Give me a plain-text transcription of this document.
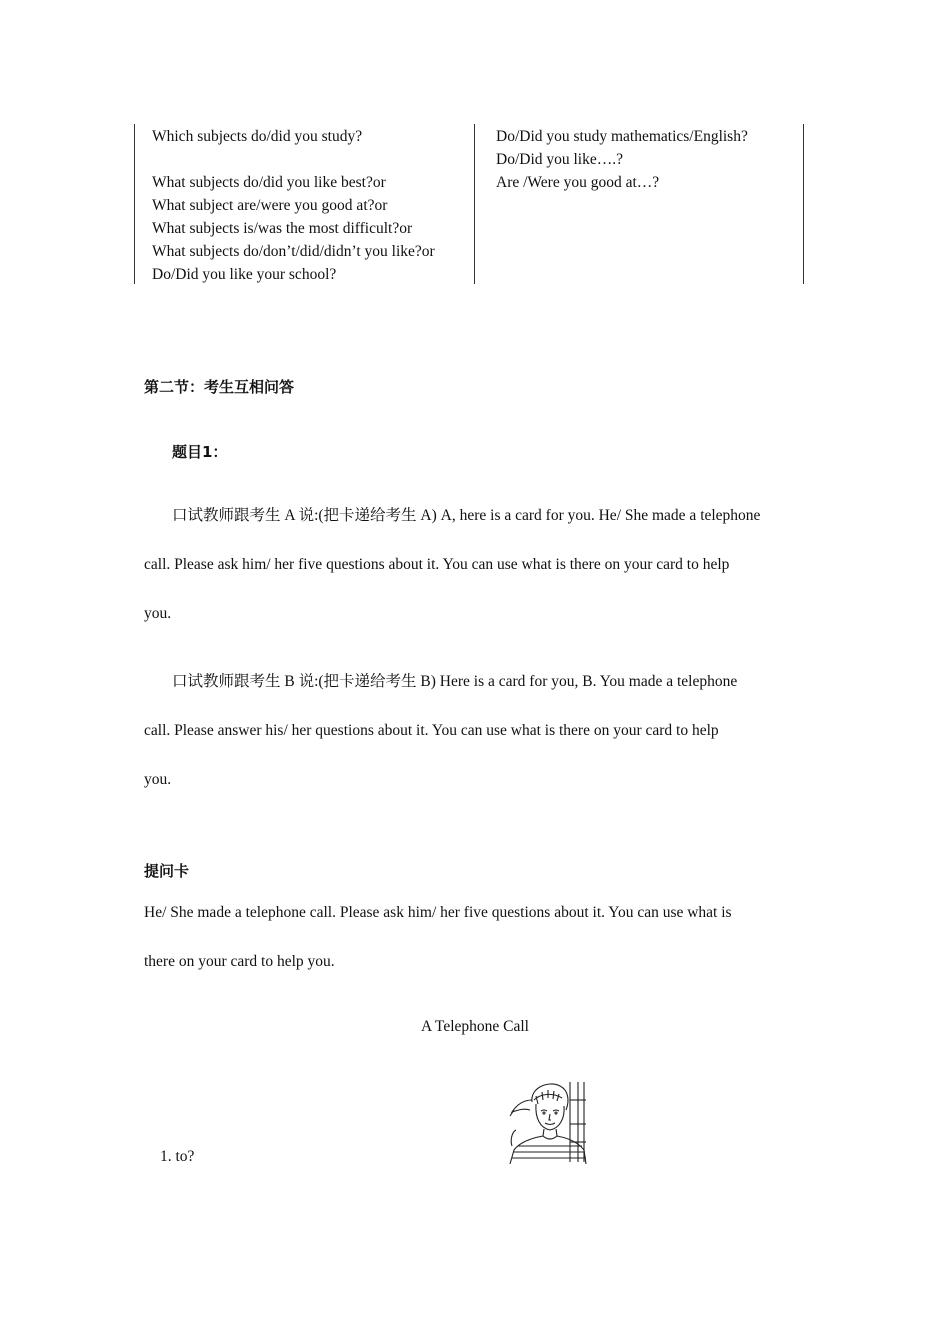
Which subjects do/did you study?
What subjects do/did you like best?or
What subject are/were you good at?or
What subjects is/was the most difficult?or
What subjects do/don’t/did/didn’t you like?or
Do/Did you like your school?
Do/Did you study mathematics/English?
Do/Did you like….?
Are /Were you good at…?
第二节：考生互相问答
题目1：
口试教师跟考生 A 说:(把卡递给考生 A) A, here is a card for you. He/ She made a telephone
call. Please ask him/ her five questions about it. You can use what is there on your card to help
you.
口试教师跟考生 B 说:(把卡递给考生 B) Here is a card for you, B. You made a telephone
call. Please answer his/ her questions about it. You can use what is there on your card to help
you.
提问卡
He/ She made a telephone call. Please ask him/ her five questions about it. You can use what is
there on your card to help you.
A Telephone Call
1. to?
